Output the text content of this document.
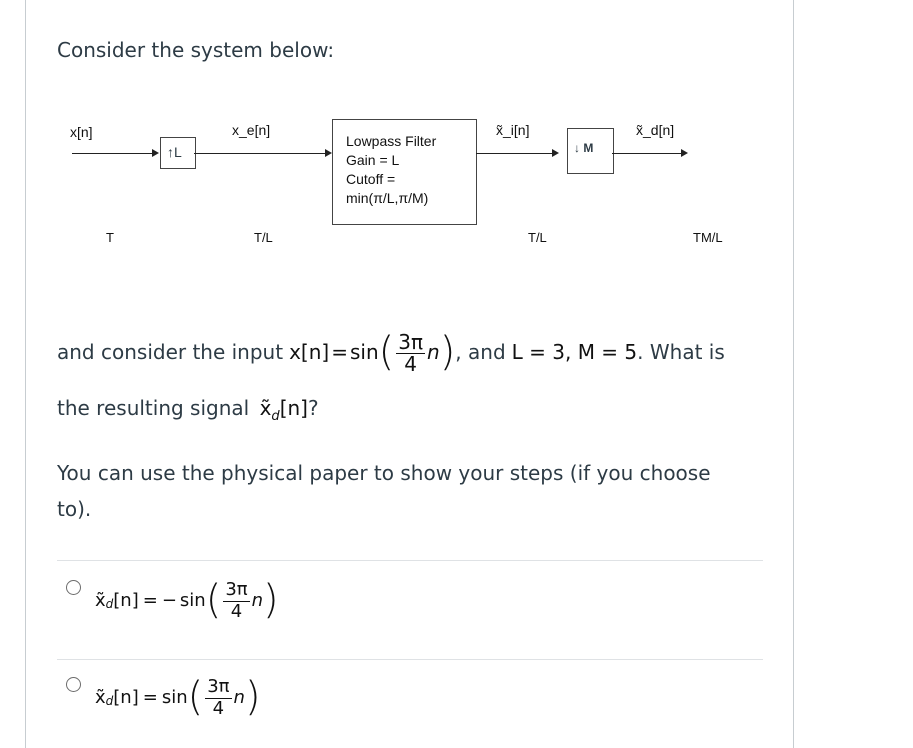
Consider the system below:
x[n]
↑L
x_e[n]
Lowpass Filter
Gain = L
Cutoff =
min(π/L,π/M)
x̃_i[n]
↓ M
x̃_d[n]
T	T/L	T/L	TM/L
and consider the input x[n] = sin ( $\frac{3\pi}{4}$ n ) , and L = 3, M = 5 . What is
the resulting signal $x̃_d[n]$?
You can use the physical paper to show your steps (if you choose
to).
$x̃_d$ [n] = − sin ( $\frac{3\pi}{4}$ n )
$x̃_d$ [n] = sin ( $\frac{3\pi}{4}$ n )
